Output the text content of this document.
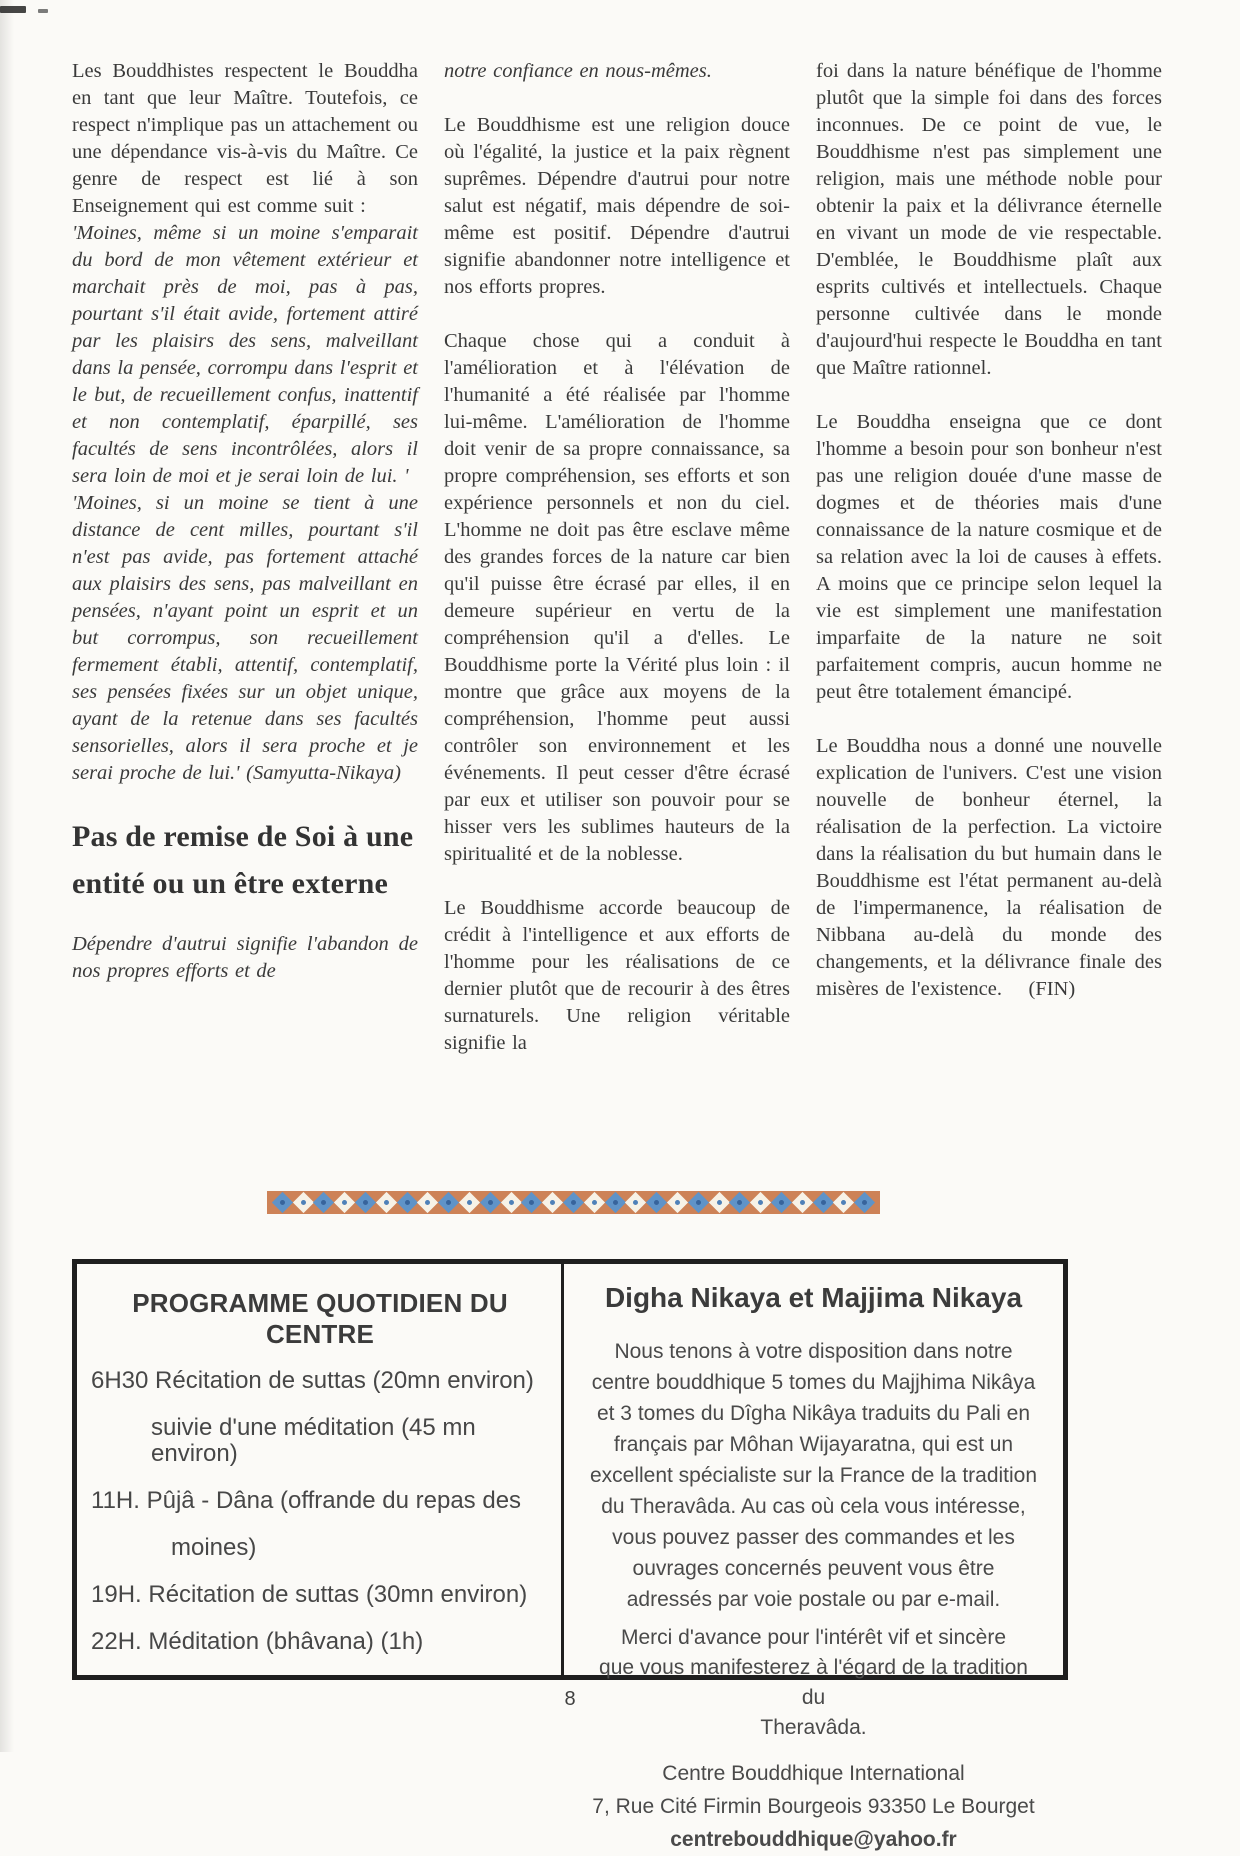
Les Bouddhistes respectent le Bouddha en tant que leur Maître. Toutefois, ce respect n'implique pas un attachement ou une dépendance vis-à-vis du Maître. Ce genre de respect est lié à son Enseignement qui est comme suit :

'Moines, même si un moine s'emparait du bord de mon vêtement extérieur et marchait près de moi, pas à pas, pourtant s'il était avide, fortement attiré par les plaisirs des sens, malveillant dans la pensée, corrompu dans l'esprit et le but, de recueillement confus, inattentif et non contemplatif, éparpillé, ses facultés de sens incontrôlées, alors il sera loin de moi et je serai loin de lui. '

'Moines, si un moine se tient à une distance de cent milles, pourtant s'il n'est pas avide, pas fortement attaché aux plaisirs des sens, pas malveillant en pensées, n'ayant point un esprit et un but corrompus, son recueillement fermement établi, attentif, contemplatif, ses pensées fixées sur un objet unique, ayant de la retenue dans ses facultés sensorielles, alors il sera proche et je serai proche de lui.' (Samyutta-Nikaya)

Pas de remise de Soi à une entité ou un être externe

Dépendre d'autrui signifie l'abandon de nos propres efforts et de

notre confiance en nous-mêmes.

Le Bouddhisme est une religion douce où l'égalité, la justice et la paix règnent suprêmes. Dépendre d'autrui pour notre salut est négatif, mais dépendre de soi-même est positif. Dépendre d'autrui signifie abandonner notre intelligence et nos efforts propres.

Chaque chose qui a conduit à l'amélioration et à l'élévation de l'humanité a été réalisée par l'homme lui-même. L'amélioration de l'homme doit venir de sa propre connaissance, sa propre compréhension, ses efforts et son expérience personnels et non du ciel. L'homme ne doit pas être esclave même des grandes forces de la nature car bien qu'il puisse être écrasé par elles, il en demeure supérieur en vertu de la compréhension qu'il a d'elles. Le Bouddhisme porte la Vérité plus loin : il montre que grâce aux moyens de la compréhension, l'homme peut aussi contrôler son environnement et les événements. Il peut cesser d'être écrasé par eux et utiliser son pouvoir pour se hisser vers les sublimes hauteurs de la spiritualité et de la noblesse.

Le Bouddhisme accorde beaucoup de crédit à l'intelligence et aux efforts de l'homme pour les réalisations de ce dernier plutôt que de recourir à des êtres surnaturels. Une religion véritable signifie la

foi dans la nature bénéfique de l'homme plutôt que la simple foi dans des forces inconnues. De ce point de vue, le Bouddhisme n'est pas simplement une religion, mais une méthode noble pour obtenir la paix et la délivrance éternelle en vivant un mode de vie respectable. D'emblée, le Bouddhisme plaît aux esprits cultivés et intellectuels. Chaque personne cultivée dans le monde d'aujourd'hui respecte le Bouddha en tant que Maître rationnel.

Le Bouddha enseigna que ce dont l'homme a besoin pour son bonheur n'est pas une religion douée d'une masse de dogmes et de théories mais d'une connaissance de la nature cosmique et de sa relation avec la loi de causes à effets. A moins que ce principe selon lequel la vie est simplement une manifestation imparfaite de la nature ne soit parfaitement compris, aucun homme ne peut être totalement émancipé.

Le Bouddha nous a donné une nouvelle explication de l'univers. C'est une vision nouvelle de bonheur éternel, la réalisation de la perfection. La victoire dans la réalisation du but humain dans le Bouddhisme est l'état permanent au-delà de l'impermanence, la réalisation de Nibbana au-delà du monde des changements, et la délivrance finale des misères de l'existence.    (FIN)

PROGRAMME QUOTIDIEN DU  CENTRE

6H30 Récitation de suttas (20mn environ)

suivie d'une méditation (45 mn environ)

11H. Pûjâ - Dâna (offrande du repas des

moines)

19H. Récitation de suttas (30mn environ)

22H. Méditation (bhâvana) (1h)

Digha Nikaya et Majjima Nikaya

Nous tenons à votre disposition dans notre centre bouddhique 5 tomes du Majjhima Nikâya et 3 tomes du Dîgha Nikâya traduits du Pali en français par Môhan Wijayaratna, qui est un excellent spécialiste sur la France de la tradition du Theravâda. Au cas où cela vous intéresse, vous pouvez passer des commandes et les ouvrages concernés peuvent vous être adressés par voie postale ou par e-mail.

Merci d'avance pour l'intérêt vif et sincère

que vous manifesterez à l'égard de la tradition du

Theravâda.

Centre Bouddhique International
7, Rue Cité Firmin Bourgeois 93350 Le Bourget
centrebouddhique@yahoo.fr
8
